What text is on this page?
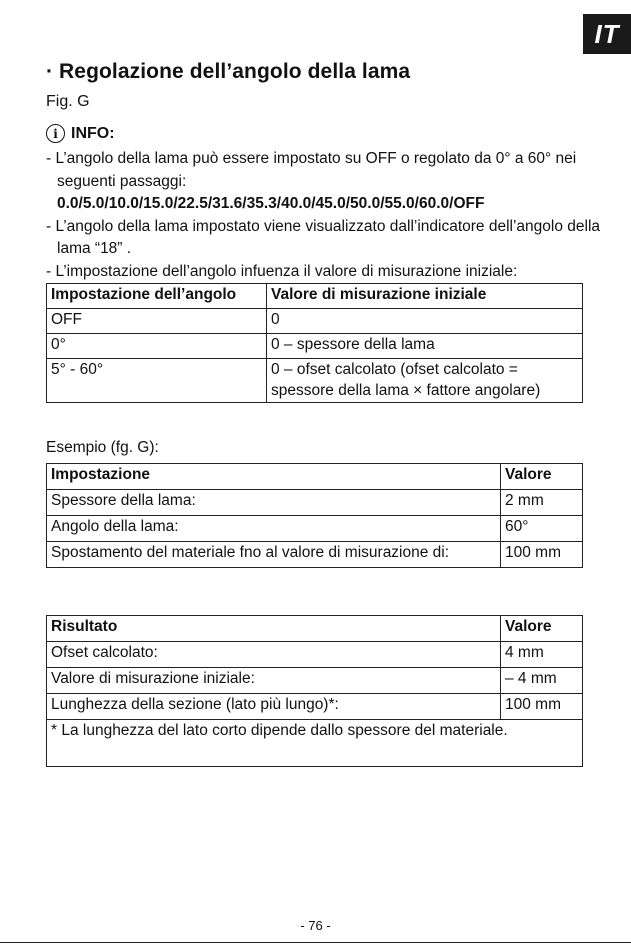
IT
· Regolazione dell’angolo della lama
Fig. G
i INFO:
- L’angolo della lama può essere impostato su OFF o regolato da 0° a 60° nei seguenti passaggi:
0.0/5.0/10.0/15.0/22.5/31.6/35.3/40.0/45.0/50.0/55.0/60.0/OFF
- L’angolo della lama impostato viene visualizzato dall’indicatore dell’angolo della lama “18” .
- L’impostazione dell’angolo infuenza il valore di misurazione iniziale:
Impostazione dell’angolo	Valore di misurazione iniziale
OFF	0
0°	0 – spessore della lama
5° - 60°	0 – ofset calcolato (ofset calcolato = spessore della lama × fattore angolare)
Esempio (fg. G):
Impostazione	Valore
Spessore della lama:	2 mm
Angolo della lama:	60°
Spostamento del materiale fno al valore di misurazione di:	100 mm
Risultato	Valore
Ofset calcolato:	4 mm
Valore di misurazione iniziale:	– 4 mm
Lunghezza della sezione (lato più lungo)*:	100 mm
* La lunghezza del lato corto dipende dallo spessore del materiale.	
- 76 -
